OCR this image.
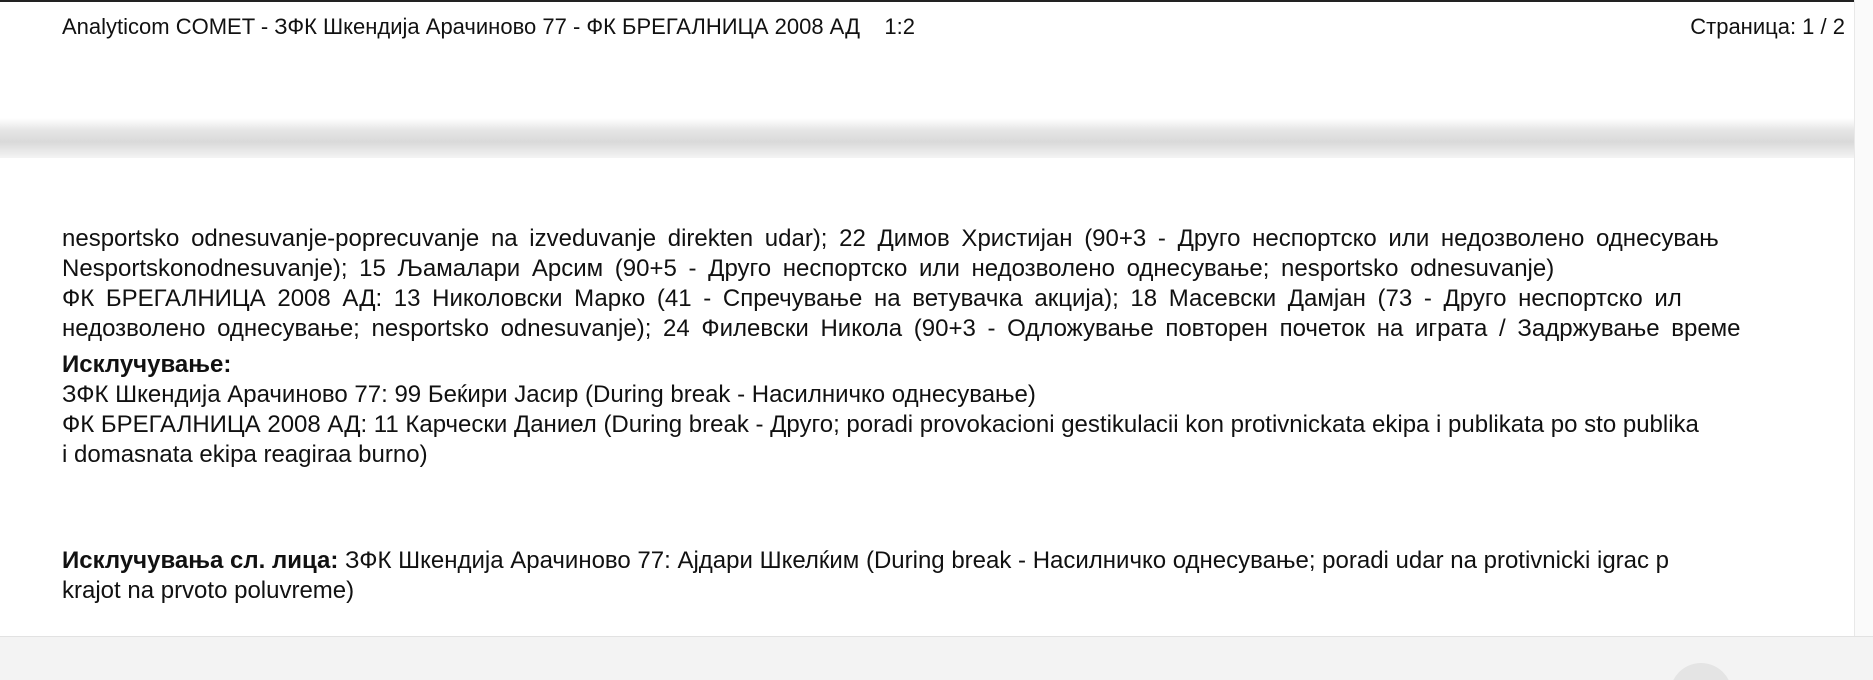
Analyticom COMET - ЗФК Шкендија Арачиново 77 - ФК БРЕГАЛНИЦА 2008 АД    1:2	Страница: 1 / 2

nesportsko odnesuvanje-poprecuvanje na izveduvanje direkten udar); 22 Димов Христијан (90+3 - Друго неспортско или недозволено однесувањ

Nesportskonodnesuvanje); 15 Љамалари Арсим (90+5 - Друго неспортско или недозволено однесување; nesportsko odnesuvanje)

ФК БРЕГАЛНИЦА 2008 АД: 13 Николовски Марко (41 - Спречување на ветувачка акција); 18 Масевски Дамјан (73 - Друго неспортско ил

недозволено однесување; nesportsko odnesuvanje); 24 Филевски Никола (90+3 - Одложување повторен почеток на играта / Задржување време

Исклучување:

ЗФК Шкендија Арачиново 77: 99 Беќири Јасир (During break - Насилничко однесување)

ФК БРЕГАЛНИЦА 2008 АД: 11 Карчески Даниел (During break - Друго; poradi provokacioni gestikulacii kon protivnickata ekipa i publikata po sto publika

i domasnata ekipa reagiraa burno)

Исклучувања сл. лица: ЗФК Шкендија Арачиново 77: Ајдари Шкелќим (During break - Насилничко однесување; poradi udar na protivnicki igrac p

krajot na prvoto poluvreme)
